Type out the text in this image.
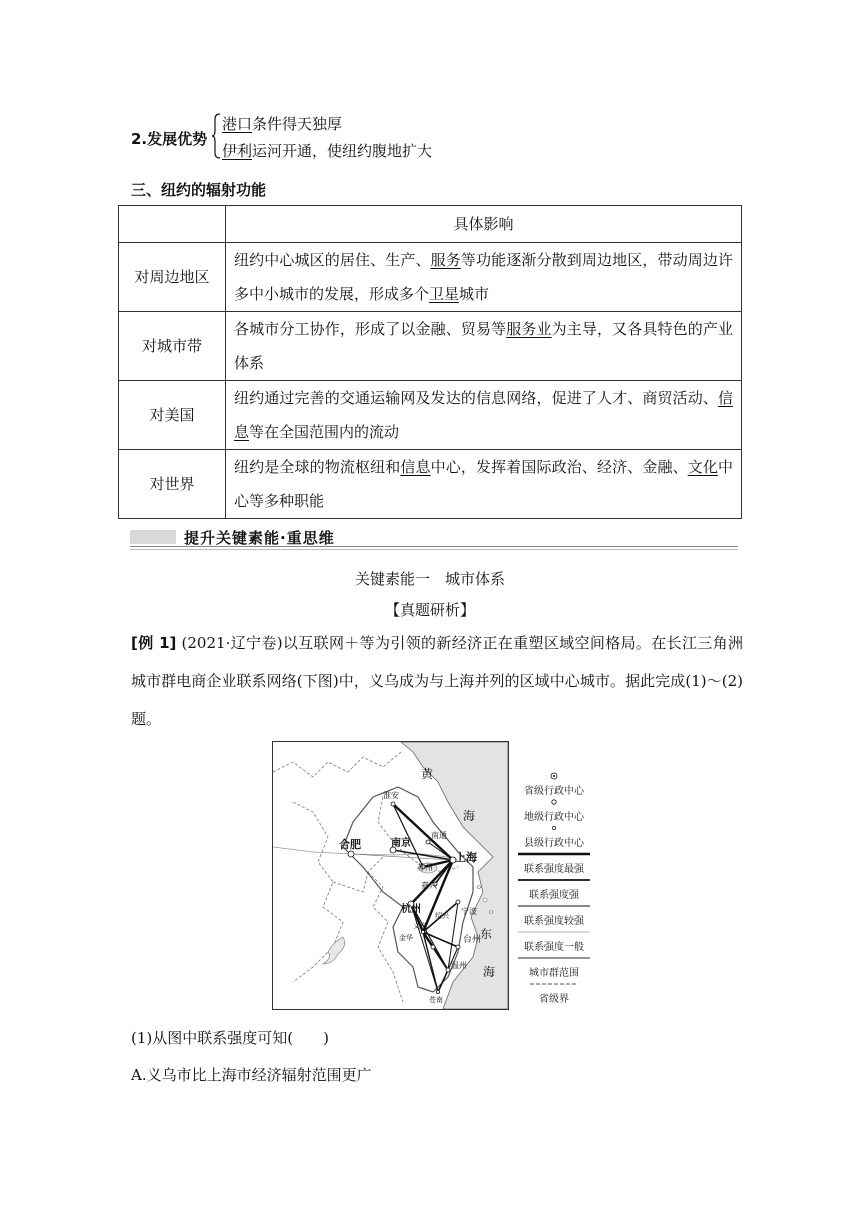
2.发展优势
港口条件得天独厚
伊利运河开通，使纽约腹地扩大
三、纽约的辐射功能
	具体影响
对周边地区	纽约中心城区的居住、生产、服务等功能逐渐分散到周边地区，带动周边许多中小城市的发展，形成多个卫星城市
对城市带	各城市分工协作，形成了以金融、贸易等服务业为主导，又各具特色的产业体系
对美国	纽约通过完善的交通运输网及发达的信息网络，促进了人才、商贸活动、信息等在全国范围内的流动
对世界	纽约是全球的物流枢纽和信息中心，发挥着国际政治、经济、金融、文化中心等多种职能
提升关键素能·重思维
关键素能一　城市体系
【真题研析】
[例 1] (2021·辽宁卷)以互联网＋等为引领的新经济正在重塑区域空间格局。在长江三角洲城市群电商企业联系网络(下图)中，义乌成为与上海并列的区域中心城市。据此完成(1)～(2)题。
黄
海
东
海
淮安
南通
合肥	南京
苏州
上海
嘉兴
杭州
绍兴 宁波
义乌
金华	台州
温州
苍南
省级行政中心
地级行政中心
县级行政中心
联系强度最强
联系强度强
联系强度较强
联系强度一般
城市群范围
省级界
(1)从图中联系强度可知(　　)
A.义乌市比上海市经济辐射范围更广
